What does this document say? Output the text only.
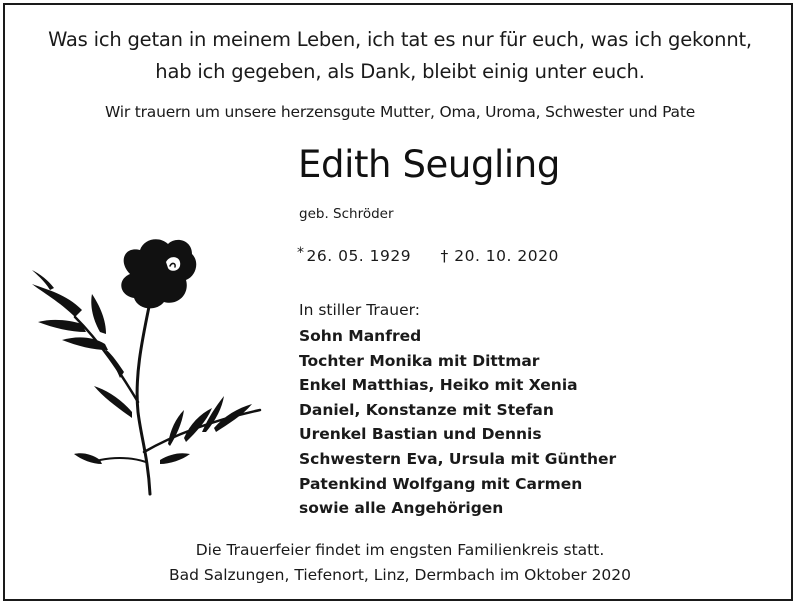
Was ich getan in meinem Leben, ich tat es nur für euch, was ich gekonnt,
hab ich gegeben, als Dank, bleibt einig unter euch.
Wir trauern um unsere herzensgute Mutter, Oma, Uroma, Schwester und Pate
Edith Seugling
geb. Schröder
* 26. 05. 1929 † 20. 10. 2020
In stiller Trauer:
Sohn Manfred
Tochter Monika mit Dittmar
Enkel Matthias, Heiko mit Xenia
Daniel, Konstanze mit Stefan
Urenkel Bastian und Dennis
Schwestern Eva, Ursula mit Günther
Patenkind Wolfgang mit Carmen
sowie alle Angehörigen
Die Trauerfeier findet im engsten Familienkreis statt.
Bad Salzungen, Tiefenort, Linz, Dermbach im Oktober 2020
